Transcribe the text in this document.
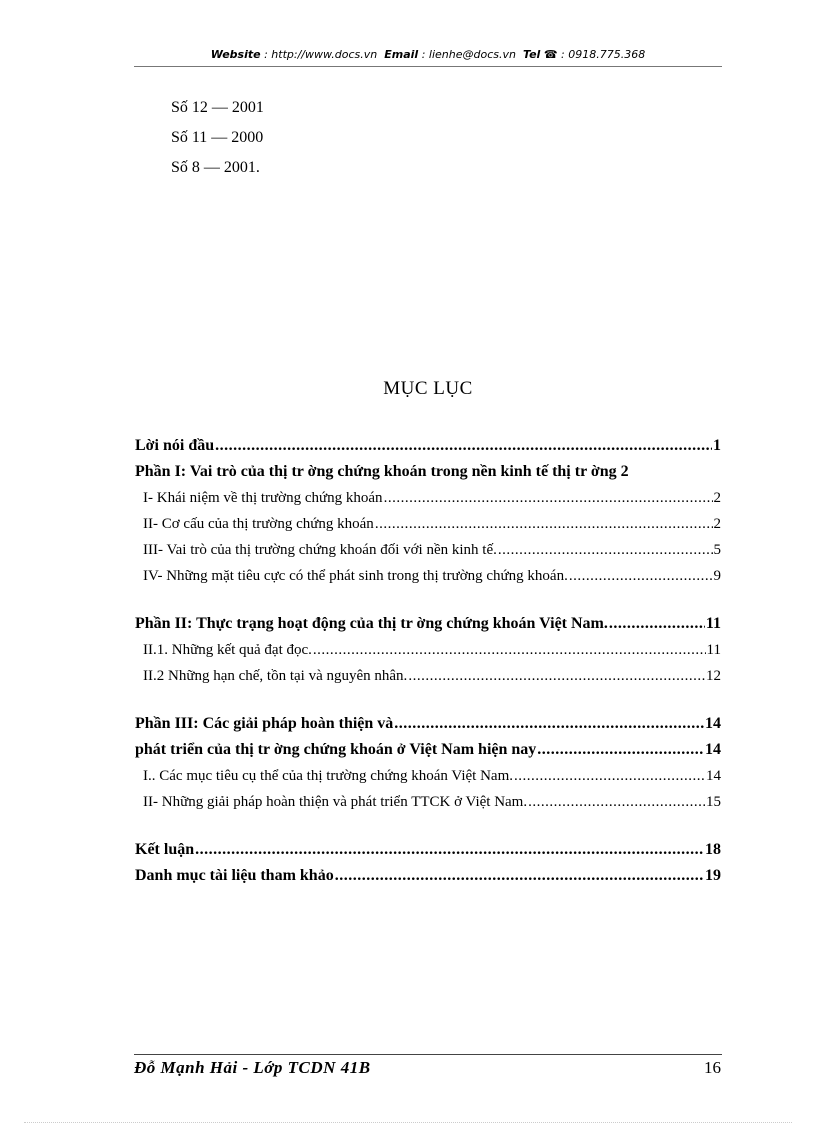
Website : http://www.docs.vn Email : lienhe@docs.vn Tel ☎ : 0918.775.368
Số 12 — 2001
Số 11 — 2000
Số 8 — 2001.
MỤC LỤC
Lời nói đầu .....	1
Phần I: Vai trò của thị tr ờng chứng khoán trong nền kinh tế thị tr ờng 2
I- Khái niệm về thị trường chứng khoán .....	2
II- Cơ cấu của thị trường chứng khoán .....	2
III- Vai trò của thị trường chứng khoán đối với nền kinh tế. .....	5
IV- Những mặt tiêu cực có thể phát sinh trong thị trường chứng khoán. .....	9
Phần II: Thực trạng hoạt động của thị tr ờng chứng khoán Việt Nam. .....	11
II.1. Những kết quả đạt đọc. .....	11
II.2 Những hạn chế, tồn tại và nguyên nhân. .....	12
Phần III: Các giải pháp hoàn thiện và .....	14
phát triển của thị tr ờng chứng khoán ở Việt Nam hiện nay .....	14
I.. Các mục tiêu cụ thể của thị trường chứng khoán Việt Nam. .....	14
II- Những giải pháp hoàn thiện và phát triển TTCK ở Việt Nam. .....	15
Kết luận .....	18
Danh mục tài liệu tham khảo .....	19
Đỗ Mạnh Hải - Lớp TCDN 41B	16
